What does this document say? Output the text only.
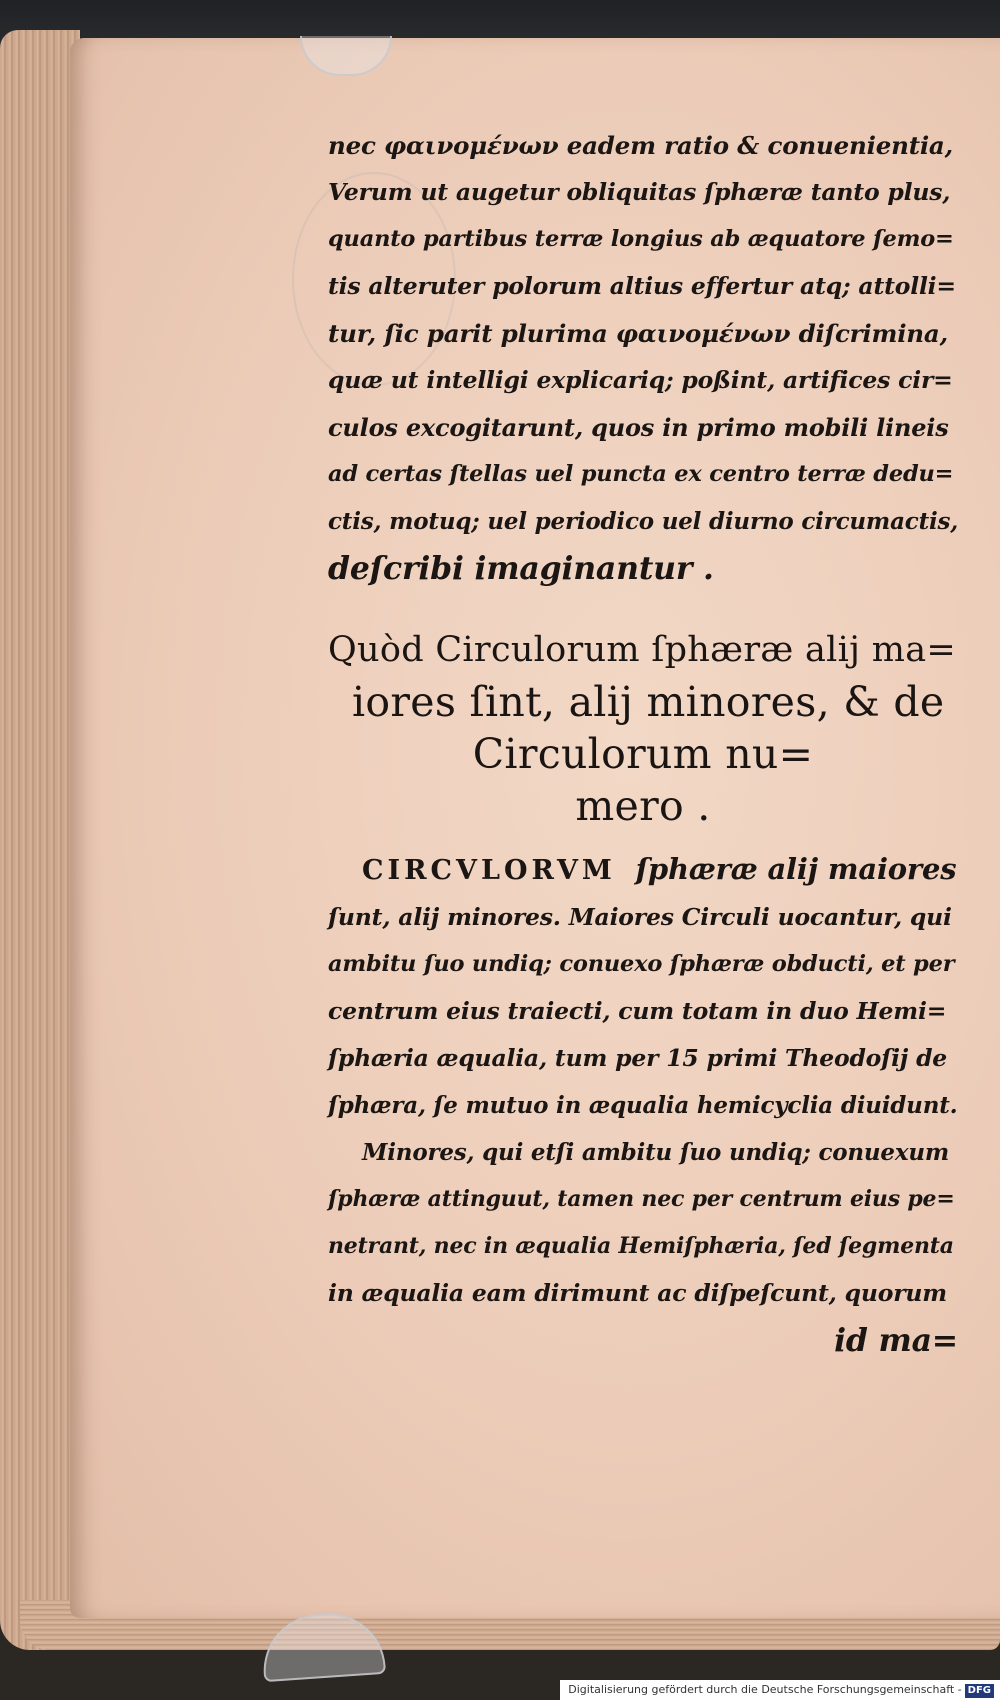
nec φαινομένων eadem ratio & conuenientia,
Verum ut augetur obliquitas ſphæræ tanto plus,
quanto partibus terræ longius ab æquatore ſemo=
tis alteruter polorum altius effertur atq; attolli=
tur, ſic parit plurima φαινομένων diſcrimina,
quæ ut intelligi explicariq; poßint, artifices cir=
culos excogitarunt, quos in primo mobili lineis
ad certas ſtellas uel puncta ex centro terræ dedu=
ctis, motuq; uel periodico uel diurno circumactis,
deſcribi imaginantur .
Quòd Circulorum ſphæræ alij ma=
iores ſint, alij minores, & de
Circulorum nu=
mero .
CIRCVLORVM ſphæræ alij maiores
ſunt, alij minores. Maiores Circuli uocantur, qui
ambitu ſuo undiq; conuexo ſphæræ obducti, et per
centrum eius traiecti, cum totam in duo Hemi=
ſphæria æqualia, tum per 15 primi Theodoſij de
ſphæra, ſe mutuo in æqualia hemicyclia diuidunt.
Minores, qui etſi ambitu ſuo undiq; conuexum
ſphæræ attinguut, tamen nec per centrum eius pe=
netrant, nec in æqualia Hemiſphæria, ſed ſegmenta
in æqualia eam dirimunt ac diſpeſcunt, quorum
id ma=
Digitalisierung gefördert durch die Deutsche Forschungsgemeinschaft - DFG
